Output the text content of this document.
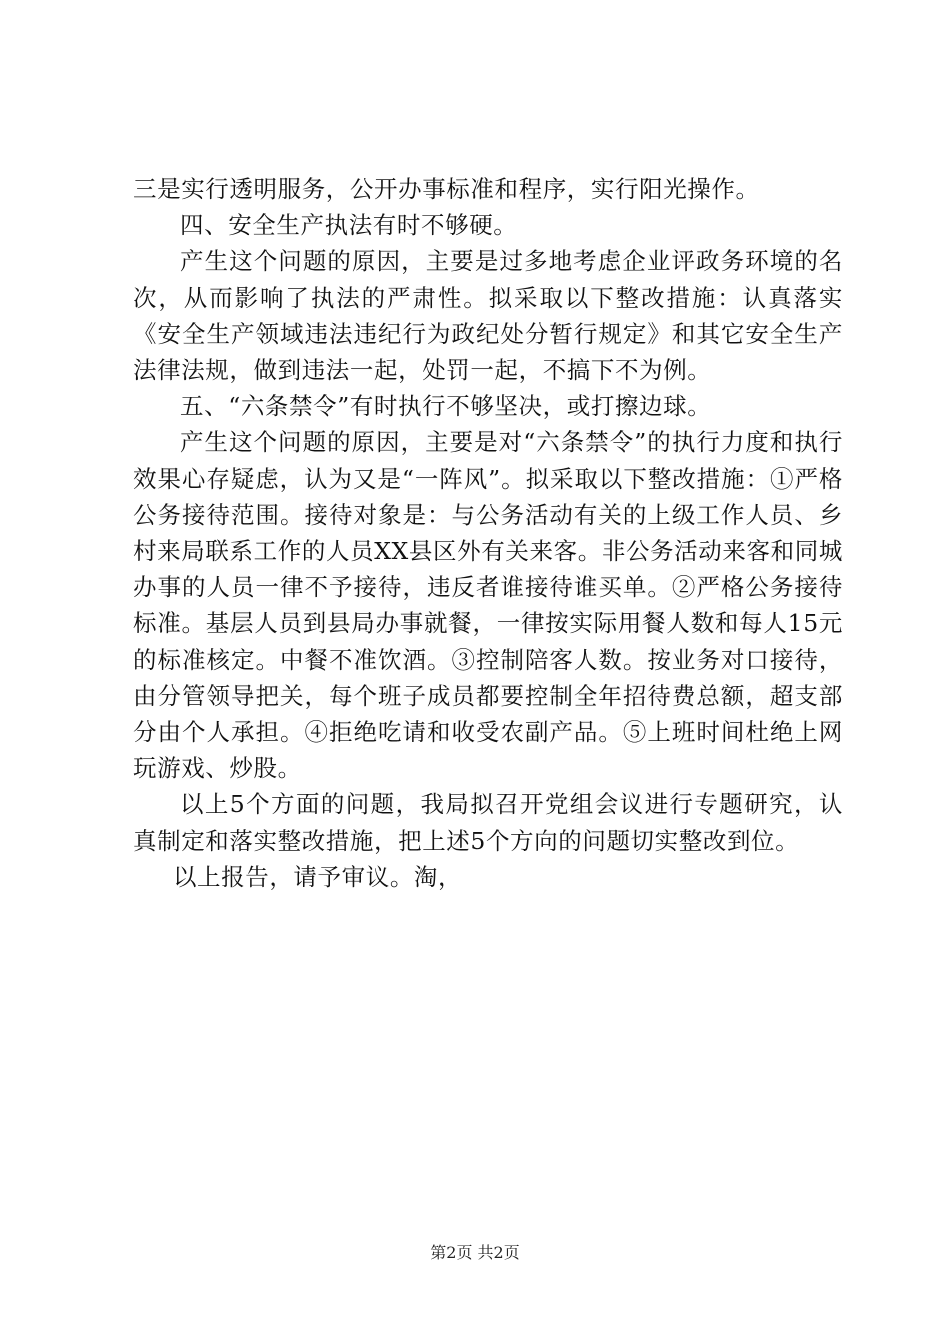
三是实行透明服务，公开办事标准和程序，实行阳光操作。

四、安全生产执法有时不够硬。

产生这个问题的原因，主要是过多地考虑企业评政务环境的名次，从而影响了执法的严肃性。拟采取以下整改措施：认真落实《安全生产领域违法违纪行为政纪处分暂行规定》和其它安全生产法律法规，做到违法一起，处罚一起，不搞下不为例。

五、“六条禁令”有时执行不够坚决，或打擦边球。

产生这个问题的原因，主要是对“六条禁令”的执行力度和执行效果心存疑虑，认为又是“一阵风”。拟采取以下整改措施：①严格公务接待范围。接待对象是：与公务活动有关的上级工作人员、乡村来局联系工作的人员XX县区外有关来客。非公务活动来客和同城办事的人员一律不予接待，违反者谁接待谁买单。②严格公务接待标准。基层人员到县局办事就餐，一律按实际用餐人数和每人15元的标准核定。中餐不准饮酒。③控制陪客人数。按业务对口接待，由分管领导把关，每个班子成员都要控制全年招待费总额，超支部分由个人承担。④拒绝吃请和收受农副产品。⑤上班时间杜绝上网玩游戏、炒股。

以上5个方面的问题，我局拟召开党组会议进行专题研究，认真制定和落实整改措施，把上述5个方向的问题切实整改到位。

以上报告，请予审议。淘，

第2页 共2页
